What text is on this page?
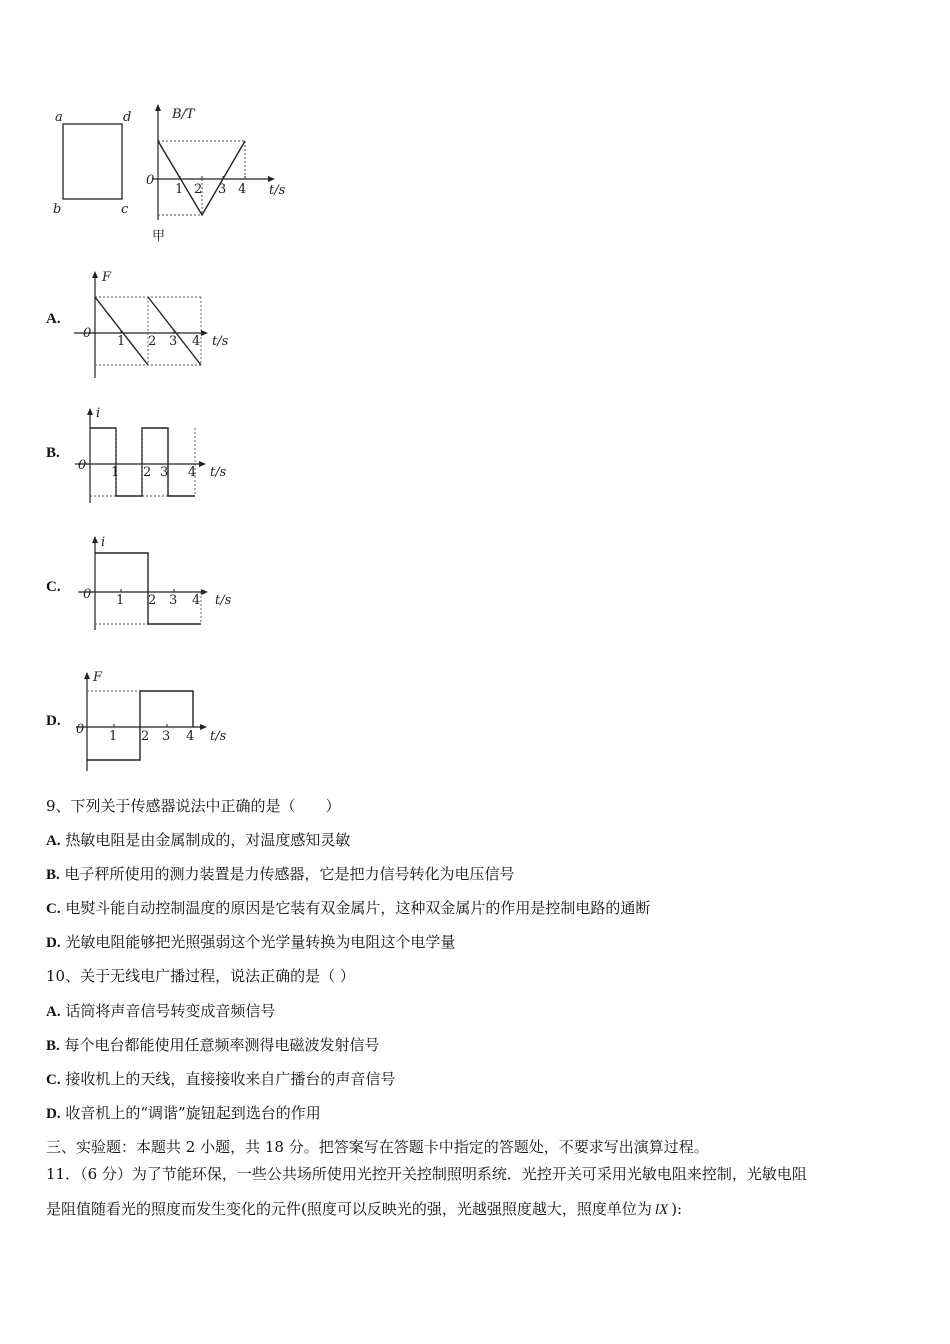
a	d
b	c
B/T
t/s
0
1 2 3 4
甲
A.
F
t/s
0
1 2 3 4
B.
i
t/s
0 1 2 3 4
C.
i
t/s
0 1 2 3 4
D.
F
t/s
0 1 2 3 4
9、下列关于传感器说法中正确的是（　　）
A. 热敏电阻是由金属制成的，对温度感知灵敏
B. 电子秤所使用的测力装置是力传感器，它是把力信号转化为电压信号
C. 电熨斗能自动控制温度的原因是它装有双金属片，这种双金属片的作用是控制电路的通断
D. 光敏电阻能够把光照强弱这个光学量转换为电阻这个电学量
10、关于无线电广播过程，说法正确的是（ ）
A. 话筒将声音信号转变成音频信号
B. 每个电台都能使用任意频率测得电磁波发射信号
C. 接收机上的天线，直接接收来自广播台的声音信号
D. 收音机上的“调谐”旋钮起到选台的作用
三、实验题：本题共 2 小题，共 18 分。把答案写在答题卡中指定的答题处，不要求写出演算过程。
11．（6 分）为了节能环保，一些公共场所使用光控开关控制照明系统．光控开关可采用光敏电阻来控制，光敏电阻
是阻值随看光的照度而发生变化的元件(照度可以反映光的强，光越强照度越大，照度单位为 lX ):
